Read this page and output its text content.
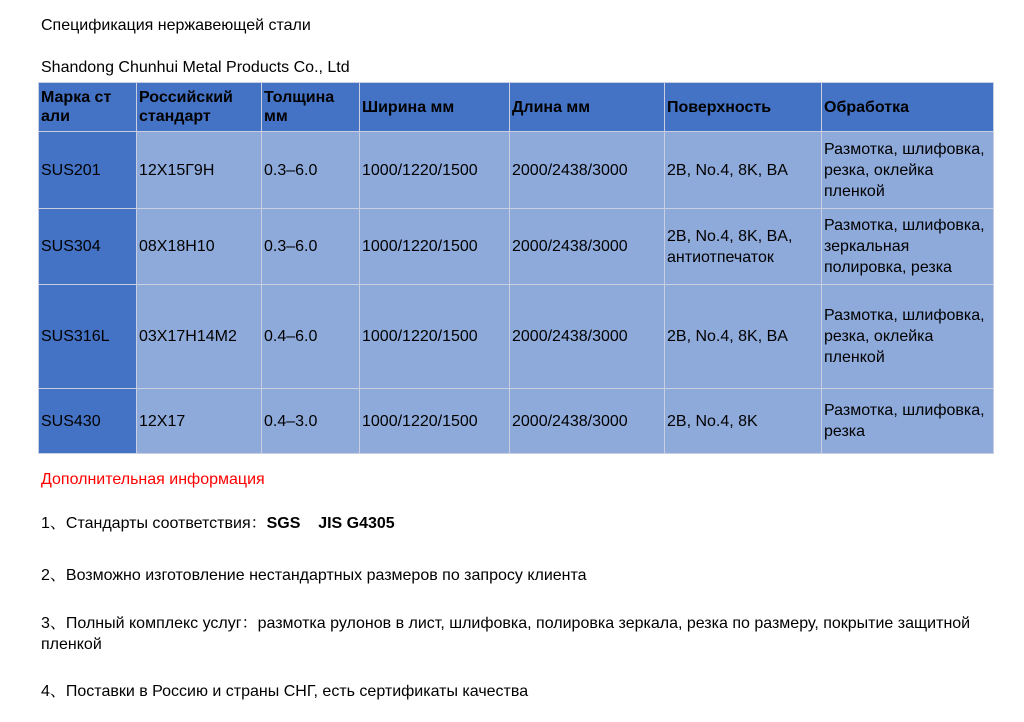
Спецификация нержавеющей стали
Shandong Chunhui Metal Products Co., Ltd
Марка ст али	Российский стандарт	Толщина мм	Ширина мм	Длина мм	Поверхность	Обработка
SUS201	12Х15Г9Н	0.3–6.0	1000/1220/1500	2000/2438/3000	2B, No.4, 8K, BA	Размотка, шлифовка, резка, оклейка пленкой
SUS304	08Х18Н10	0.3–6.0	1000/1220/1500	2000/2438/3000	2B, No.4, 8K, BA, антиотпечаток	Размотка, шлифовка, зеркальная полировка, резка
SUS316L	03Х17Н14М2	0.4–6.0	1000/1220/1500	2000/2438/3000	2B, No.4, 8K, BA	Размотка, шлифовка, резка, оклейка пленкой
SUS430	12Х17	0.4–3.0	1000/1220/1500	2000/2438/3000	2B, No.4, 8K	Размотка, шлифовка, резка
Дополнительная информация
1、Стандарты соответствия：SGS JIS G4305
2、Возможно изготовление нестандартных размеров по запросу клиента
3、Полный комплекс услуг：размотка рулонов в лист, шлифовка, полировка зеркала, резка по размеру, покрытие защитной пленкой
4、Поставки в Россию и страны СНГ, есть сертификаты качества
